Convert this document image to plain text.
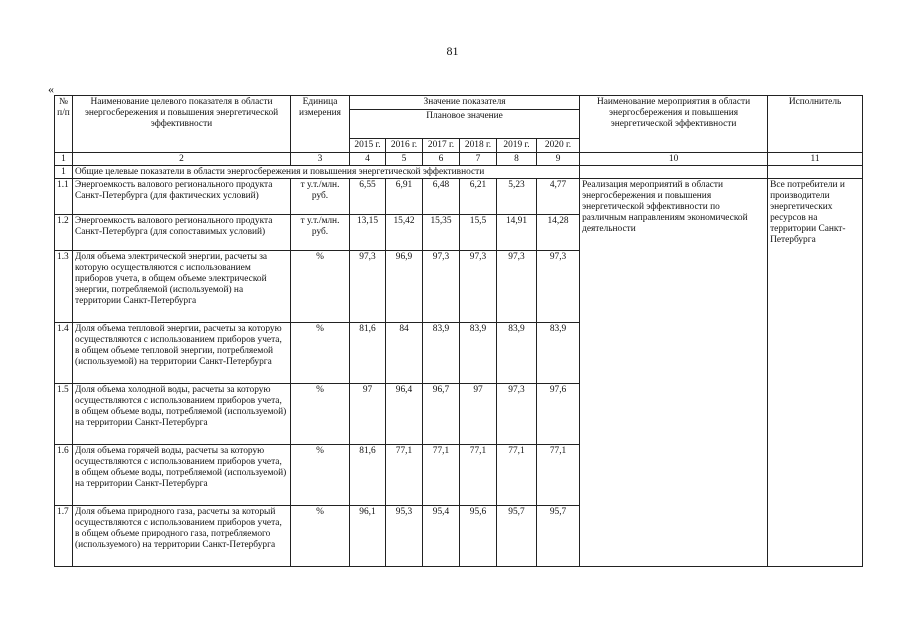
81
«
№ п/п	Наименование целевого показателя в области энергосбережения и повышения энергетической эффективности	Единица измерения	Значение показателя						Наименование мероприятия в области энергосбережения и повышения энергетической эффективности	Исполнитель
			Плановое значение							
			2015 г.	2016 г.	2017 г.	2018 г.	2019 г.	2020 г.		
1	2	3	4	5	6	7	8	9	10	11
1	Общие целевые показатели в области энергосбережения и повышения энергетической эффективности									
1.1	Энергоемкость валового регионального продукта Санкт-Петербурга (для фактических условий)	т у.т./млн. руб.	6,55	6,91	6,48	6,21	5,23	4,77	Реализация мероприятий в области энергосбережения и повышения энергетической эффективности по различным направлениям экономической деятельности	Все потребители и производители энергетических ресурсов на территории Санкт-Петербурга
1.2	Энергоемкость валового регионального продукта Санкт-Петербурга (для сопоставимых условий)	т у.т./млн. руб.	13,15	15,42	15,35	15,5	14,91	14,28		
1.3	Доля объема электрической энергии, расчеты за которую осуществляются с использованием приборов учета, в общем объеме электрической энергии, потребляемой (используемой) на территории Санкт-Петербурга	%	97,3	96,9	97,3	97,3	97,3	97,3		
1.4	Доля объема тепловой энергии, расчеты за которую осуществляются с использованием приборов учета, в общем объеме тепловой энергии, потребляемой (используемой) на территории Санкт-Петербурга	%	81,6	84	83,9	83,9	83,9	83,9		
1.5	Доля объема холодной воды, расчеты за которую осуществляются с использованием приборов учета, в общем объеме воды, потребляемой (используемой) на территории Санкт-Петербурга	%	97	96,4	96,7	97	97,3	97,6		
1.6	Доля объема горячей воды, расчеты за которую осуществляются с использованием приборов учета, в общем объеме воды, потребляемой (используемой) на территории Санкт-Петербурга	%	81,6	77,1	77,1	77,1	77,1	77,1		
1.7	Доля объема природного газа, расчеты за который осуществляются с использованием приборов учета, в общем объеме природного газа, потребляемого (используемого) на территории Санкт-Петербурга	%	96,1	95,3	95,4	95,6	95,7	95,7		
